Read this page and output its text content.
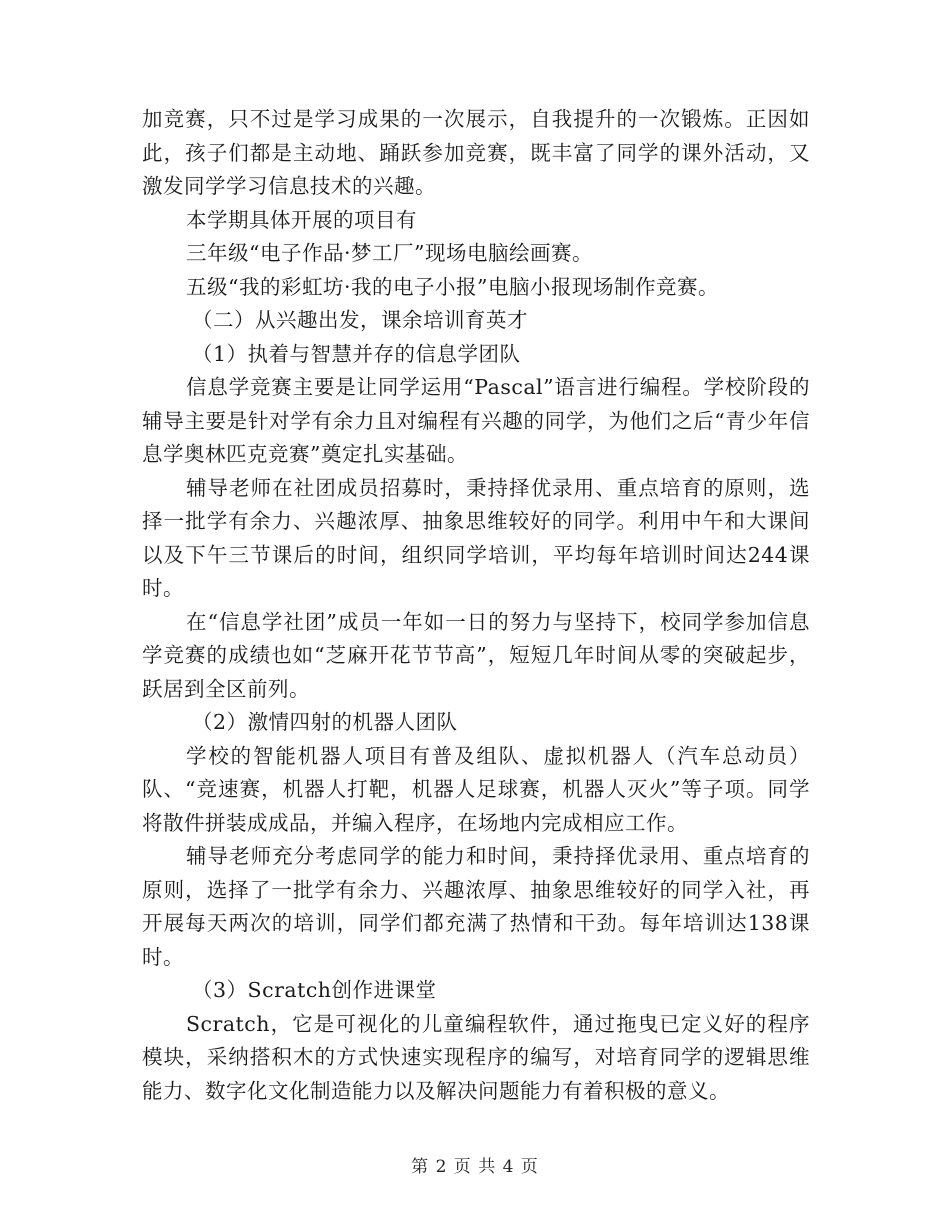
加竞赛，只不过是学习成果的一次展示，自我提升的一次锻炼。正因如此，孩子们都是主动地、踊跃参加竞赛，既丰富了同学的课外活动，又激发同学学习信息技术的兴趣。

本学期具体开展的项目有

三年级“电子作品·梦工厂”现场电脑绘画赛。

五级“我的彩虹坊·我的电子小报”电脑小报现场制作竞赛。

（二）从兴趣出发，课余培训育英才

（1）执着与智慧并存的信息学团队

信息学竞赛主要是让同学运用“Pascal”语言进行编程。学校阶段的辅导主要是针对学有余力且对编程有兴趣的同学，为他们之后“青少年信息学奥林匹克竞赛”奠定扎实基础。

辅导老师在社团成员招募时，秉持择优录用、重点培育的原则，选择一批学有余力、兴趣浓厚、抽象思维较好的同学。利用中午和大课间以及下午三节课后的时间，组织同学培训，平均每年培训时间达244课时。

在“信息学社团”成员一年如一日的努力与坚持下，校同学参加信息学竞赛的成绩也如“芝麻开花节节高”，短短几年时间从零的突破起步，跃居到全区前列。

（2）激情四射的机器人团队

学校的智能机器人项目有普及组队、虚拟机器人（汽车总动员）队、“竞速赛，机器人打靶，机器人足球赛，机器人灭火”等子项。同学将散件拼装成成品，并编入程序，在场地内完成相应工作。

辅导老师充分考虑同学的能力和时间，秉持择优录用、重点培育的原则，选择了一批学有余力、兴趣浓厚、抽象思维较好的同学入社，再开展每天两次的培训，同学们都充满了热情和干劲。每年培训达138课时。

（3）Scratch创作进课堂

Scratch，它是可视化的儿童编程软件，通过拖曳已定义好的程序模块，采纳搭积木的方式快速实现程序的编写，对培育同学的逻辑思维能力、数字化文化制造能力以及解决问题能力有着积极的意义。

第 2 页 共 4 页
